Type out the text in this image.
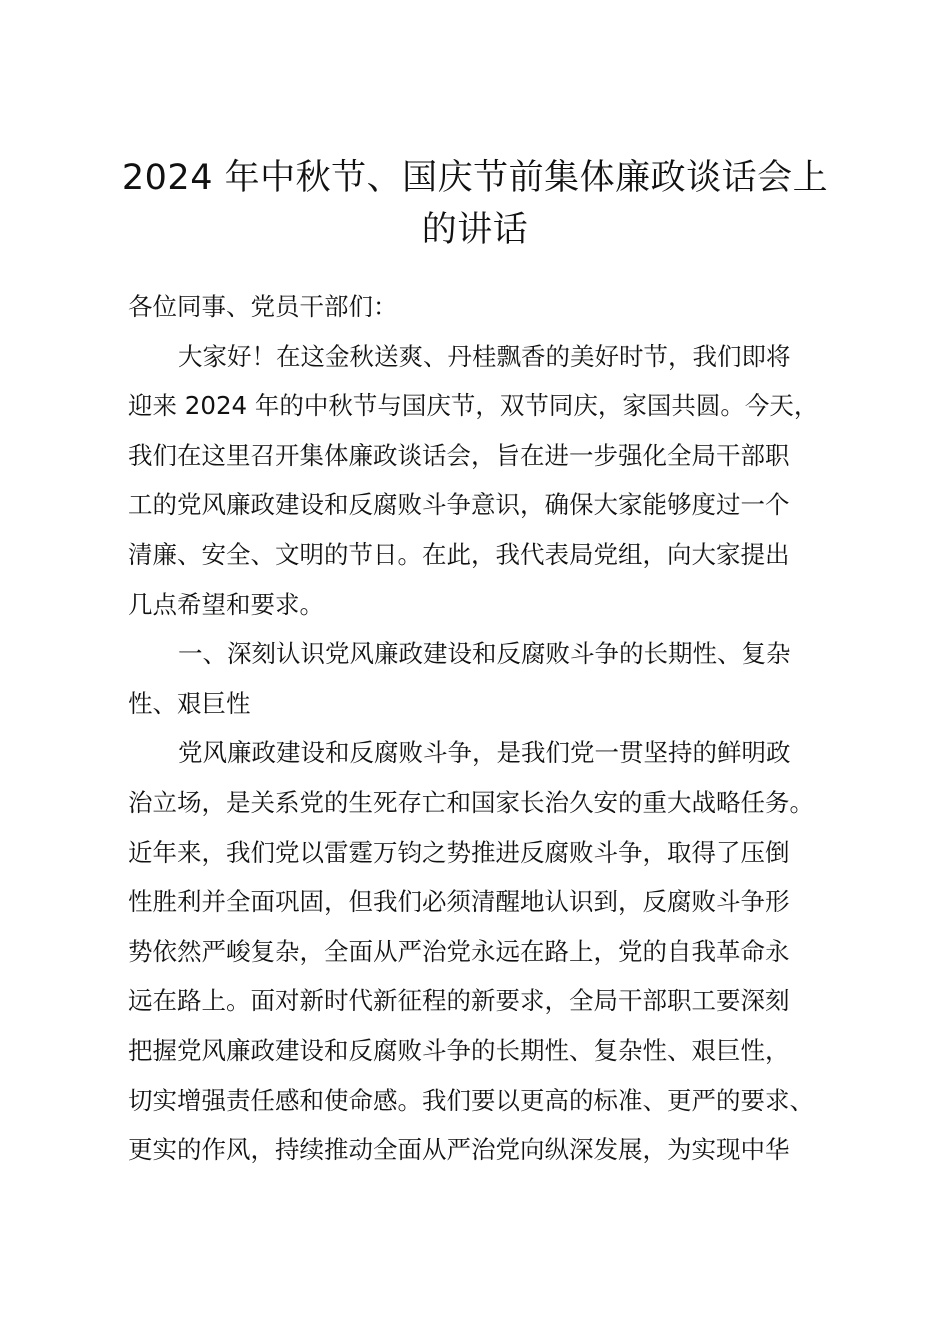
2024 年中秋节、国庆节前集体廉政谈话会上
的讲话
各位同事、党员干部们：
大家好！在这金秋送爽、丹桂飘香的美好时节，我们即将
迎来 2024 年的中秋节与国庆节，双节同庆，家国共圆。今天，
我们在这里召开集体廉政谈话会，旨在进一步强化全局干部职
工的党风廉政建设和反腐败斗争意识，确保大家能够度过一个
清廉、安全、文明的节日。在此，我代表局党组，向大家提出
几点希望和要求。
一、深刻认识党风廉政建设和反腐败斗争的长期性、复杂
性、艰巨性
党风廉政建设和反腐败斗争，是我们党一贯坚持的鲜明政
治立场，是关系党的生死存亡和国家长治久安的重大战略任务。
近年来，我们党以雷霆万钧之势推进反腐败斗争，取得了压倒
性胜利并全面巩固，但我们必须清醒地认识到，反腐败斗争形
势依然严峻复杂，全面从严治党永远在路上，党的自我革命永
远在路上。面对新时代新征程的新要求，全局干部职工要深刻
把握党风廉政建设和反腐败斗争的长期性、复杂性、艰巨性，
切实增强责任感和使命感。我们要以更高的标准、更严的要求、
更实的作风，持续推动全面从严治党向纵深发展，为实现中华
